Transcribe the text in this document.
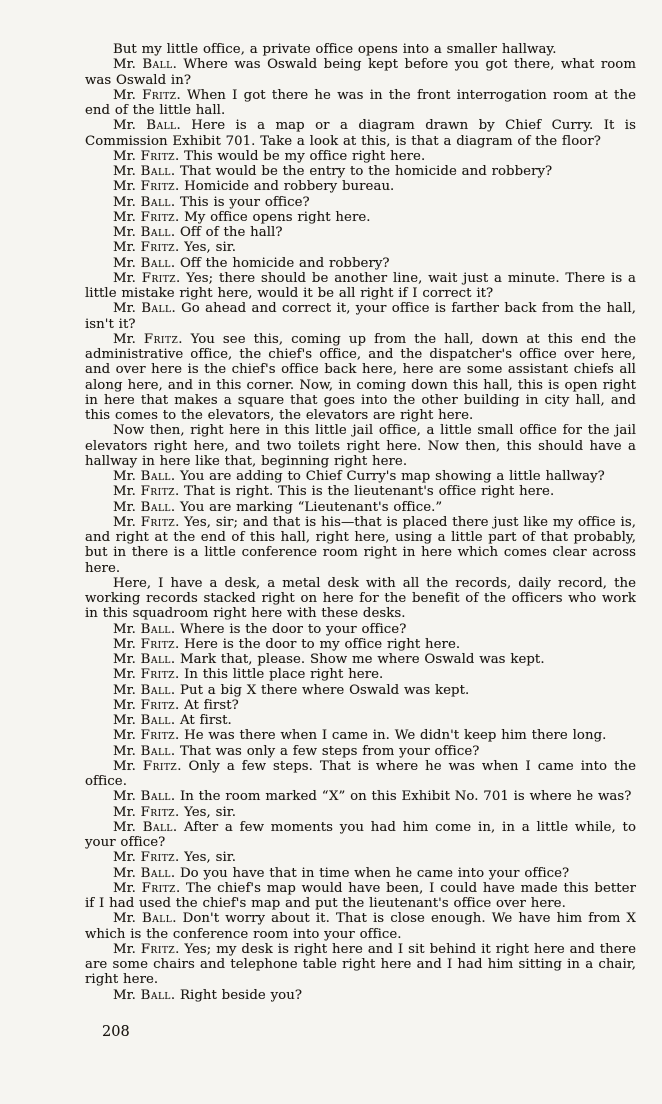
But my little office, a private office opens into a smaller hallway.

Mr. Ball. Where was Oswald being kept before you got there, what room was Oswald in?

Mr. Fritz. When I got there he was in the front interrogation room at the end of the little hall.

Mr. Ball. Here is a map or a diagram drawn by Chief Curry. It is Commission Exhibit 701. Take a look at this, is that a diagram of the floor?

Mr. Fritz. This would be my office right here.

Mr. Ball. That would be the entry to the homicide and robbery?

Mr. Fritz. Homicide and robbery bureau.

Mr. Ball. This is your office?

Mr. Fritz. My office opens right here.

Mr. Ball. Off of the hall?

Mr. Fritz. Yes, sir.

Mr. Ball. Off the homicide and robbery?

Mr. Fritz. Yes; there should be another line, wait just a minute. There is a little mistake right here, would it be all right if I correct it?

Mr. Ball. Go ahead and correct it, your office is farther back from the hall, isn't it?

Mr. Fritz. You see this, coming up from the hall, down at this end the administrative office, the chief's office, and the dispatcher's office over here, and over here is the chief's office back here, here are some assistant chiefs all along here, and in this corner. Now, in coming down this hall, this is open right in here that makes a square that goes into the other building in city hall, and this comes to the elevators, the elevators are right here.

Now then, right here in this little jail office, a little small office for the jail elevators right here, and two toilets right here. Now then, this should have a hallway in here like that, beginning right here.

Mr. Ball. You are adding to Chief Curry's map showing a little hallway?

Mr. Fritz. That is right. This is the lieutenant's office right here.

Mr. Ball. You are marking “Lieutenant's office.”

Mr. Fritz. Yes, sir; and that is his—that is placed there just like my office is, and right at the end of this hall, right here, using a little part of that probably, but in there is a little conference room right in here which comes clear across here.

Here, I have a desk, a metal desk with all the records, daily record, the working records stacked right on here for the benefit of the officers who work in this squadroom right here with these desks.

Mr. Ball. Where is the door to your office?

Mr. Fritz. Here is the door to my office right here.

Mr. Ball. Mark that, please. Show me where Oswald was kept.

Mr. Fritz. In this little place right here.

Mr. Ball. Put a big X there where Oswald was kept.

Mr. Fritz. At first?

Mr. Ball. At first.

Mr. Fritz. He was there when I came in. We didn't keep him there long.

Mr. Ball. That was only a few steps from your office?

Mr. Fritz. Only a few steps. That is where he was when I came into the office.

Mr. Ball. In the room marked “X” on this Exhibit No. 701 is where he was?

Mr. Fritz. Yes, sir.

Mr. Ball. After a few moments you had him come in, in a little while, to your office?

Mr. Fritz. Yes, sir.

Mr. Ball. Do you have that in time when he came into your office?

Mr. Fritz. The chief's map would have been, I could have made this better if I had used the chief's map and put the lieutenant's office over here.

Mr. Ball. Don't worry about it. That is close enough. We have him from X which is the conference room into your office.

Mr. Fritz. Yes; my desk is right here and I sit behind it right here and there are some chairs and telephone table right here and I had him sitting in a chair, right here.

Mr. Ball. Right beside you?

208
